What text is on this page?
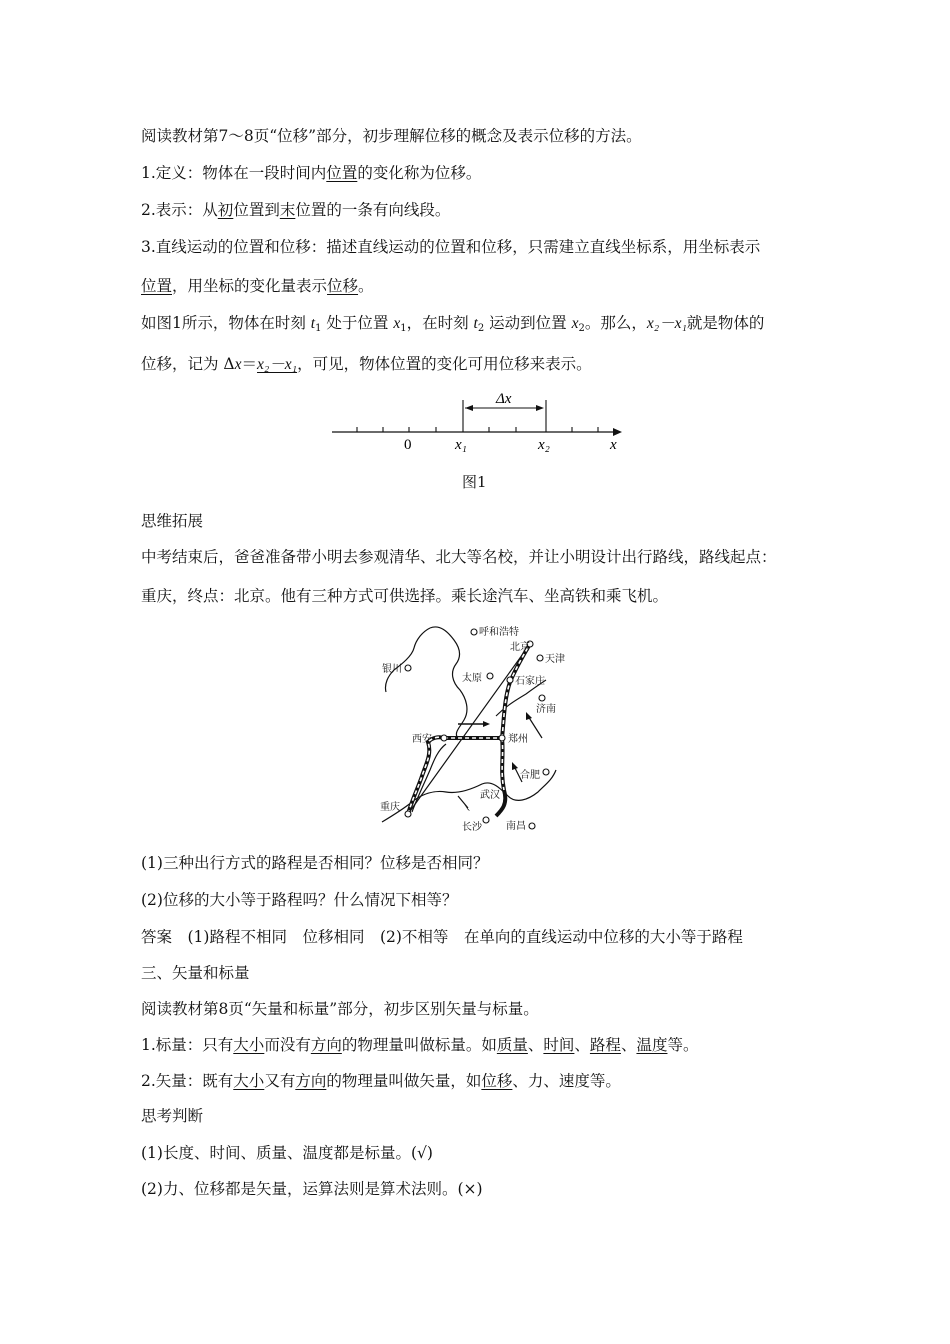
阅读教材第7～8页“位移”部分，初步理解位移的概念及表示位移的方法。
1.定义：物体在一段时间内位置的变化称为位移。
2.表示：从初位置到末位置的一条有向线段。
3.直线运动的位置和位移：描述直线运动的位置和位移，只需建立直线坐标系，用坐标表示
位置，用坐标的变化量表示位移。
如图1所示，物体在时刻 $t_1$ 处于位置 $x_1$，在时刻 $t_2$ 运动到位置 $x_2$。那么，x₂－x₁就是物体的
位移，记为 Δx＝x₂－x₁，可见，物体位置的变化可用位移来表示。
Δx
0	x₁	x₂	x
图1
思维拓展
中考结束后，爸爸准备带小明去参观清华、北大等名校，并让小明设计出行路线，路线起点：
重庆，终点：北京。他有三种方式可供选择。乘长途汽车、坐高铁和乘飞机。
呼和浩特
北京
天津
银川
太原	石家庄
济南
西安	郑州
合肥
武汉
重庆
长沙 南昌
(1)三种出行方式的路程是否相同？位移是否相同？
(2)位移的大小等于路程吗？什么情况下相等？
答案　(1)路程不相同　位移相同　(2)不相等　在单向的直线运动中位移的大小等于路程
三、矢量和标量
阅读教材第8页“矢量和标量”部分，初步区别矢量与标量。
1.标量：只有大小而没有方向的物理量叫做标量。如质量、时间、路程、温度等。
2.矢量：既有大小又有方向的物理量叫做矢量，如位移、力、速度等。
思考判断
(1)长度、时间、质量、温度都是标量。(√)
(2)力、位移都是矢量，运算法则是算术法则。(×)
